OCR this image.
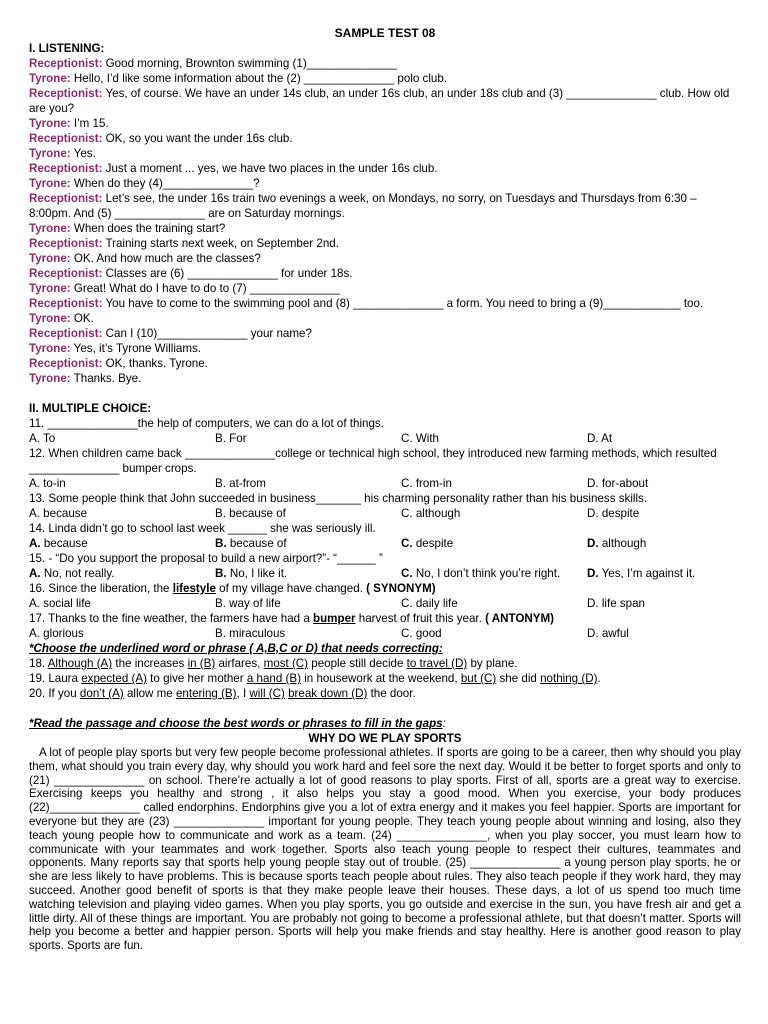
SAMPLE TEST 08
I. LISTENING:
Receptionist: Good morning, Brownton swimming (1)______________
Tyrone: Hello, I’d like some information about the (2) ______________ polo club.
Receptionist: Yes, of course. We have an under 14s club, an under 16s club, an under 18s club and (3) ______________ club. How old are you?
Tyrone: I’m 15.
Receptionist: OK, so you want the under 16s club.
Tyrone: Yes.
Receptionist: Just a moment ... yes, we have two places in the under 16s club.
Tyrone: When do they (4)______________?
Receptionist: Let’s see, the under 16s train two evenings a week, on Mondays, no sorry, on Tuesdays and Thursdays from 6:30 – 8:00pm. And (5) ______________ are on Saturday mornings.
Tyrone: When does the training start?
Receptionist: Training starts next week, on September 2nd.
Tyrone: OK. And how much are the classes?
Receptionist: Classes are (6) ______________ for under 18s.
Tyrone: Great! What do I have to do to (7) ______________
Receptionist: You have to come to the swimming pool and (8) ______________ a form. You need to bring a (9)____________ too.
Tyrone: OK.
Receptionist: Can I (10)______________ your name?
Tyrone: Yes, it’s Tyrone Williams.
Receptionist: OK, thanks. Tyrone.
Tyrone: Thanks. Bye.
II. MULTIPLE CHOICE:
11. ______________the help of computers, we can do a lot of things.
A. To	B. For	C. With	D. At
12. When children came back ______________college or technical high school, they introduced new farming methods, which resulted ______________ bumper crops.
A. to-in	B. at-from	C. from-in	D. for-about
13. Some people think that John succeeded in business_______ his charming personality rather than his business skills.
A. because	B. because of	C. although	D. despite
14. Linda didn’t go to school last week ______ she was seriously ill.
A. because	B. because of	C. despite	D. although
15. - “Do you support the proposal to build a new airport?”- “______ ”
A. No, not really.	B. No, I like it.	C. No, I don’t think you’re right.	D. Yes, I’m against it.
16. Since the liberation, the lifestyle of my village have changed. ( SYNONYM)
A. social life	B. way of life	C. daily life	D. life span
17. Thanks to the fine weather, the farmers have had a bumper harvest of fruit this year. ( ANTONYM)
A. glorious	B. miraculous	C. good	D. awful
*Choose the underlined word or phrase ( A,B,C or D) that needs correcting:
18. Although (A) the increases in (B) airfares, most (C) people still decide to travel (D) by plane.
19. Laura expected (A) to give her mother a hand (B) in housework at the weekend, but (C) she did nothing (D).
20. If you don’t (A) allow me entering (B), I will (C) break down (D) the door.
*Read the passage and choose the best words or phrases to fill in the gaps:
WHY DO WE PLAY SPORTS
A lot of people play sports but very few people become professional athletes. If sports are going to be a career, then why should you play them, what should you train every day, why should you work hard and feel sore the next day. Would it be better to forget sports and only to (21) ______________ on school. There’re actually a lot of good reasons to play sports. First of all, sports are a great way to exercise. Exercising keeps you healthy and strong , it also helps you stay a good mood. When you exercise, your body produces (22)______________ called endorphins. Endorphins give you a lot of extra energy and it makes you feel happier. Sports are important for everyone but they are (23) ______________ important for young people. They teach young people about winning and losing, also they teach young people how to communicate and work as a team. (24) ______________, when you play soccer, you must learn how to communicate with your teammates and work together. Sports also teach young people to respect their cultures, teammates and opponents. Many reports say that sports help young people stay out of trouble. (25) ______________ a young person play sports, he or she are less likely to have problems. This is because sports teach people about rules. They also teach people if they work hard, they may succeed. Another good benefit of sports is that they make people leave their houses. These days, a lot of us spend too much time watching television and playing video games. When you play sports, you go outside and exercise in the sun, you have fresh air and get a little dirty. All of these things are important. You are probably not going to become a professional athlete, but that doesn’t matter. Sports will help you become a better and happier person. Sports will help you make friends and stay healthy. Here is another good reason to play sports. Sports are fun.
